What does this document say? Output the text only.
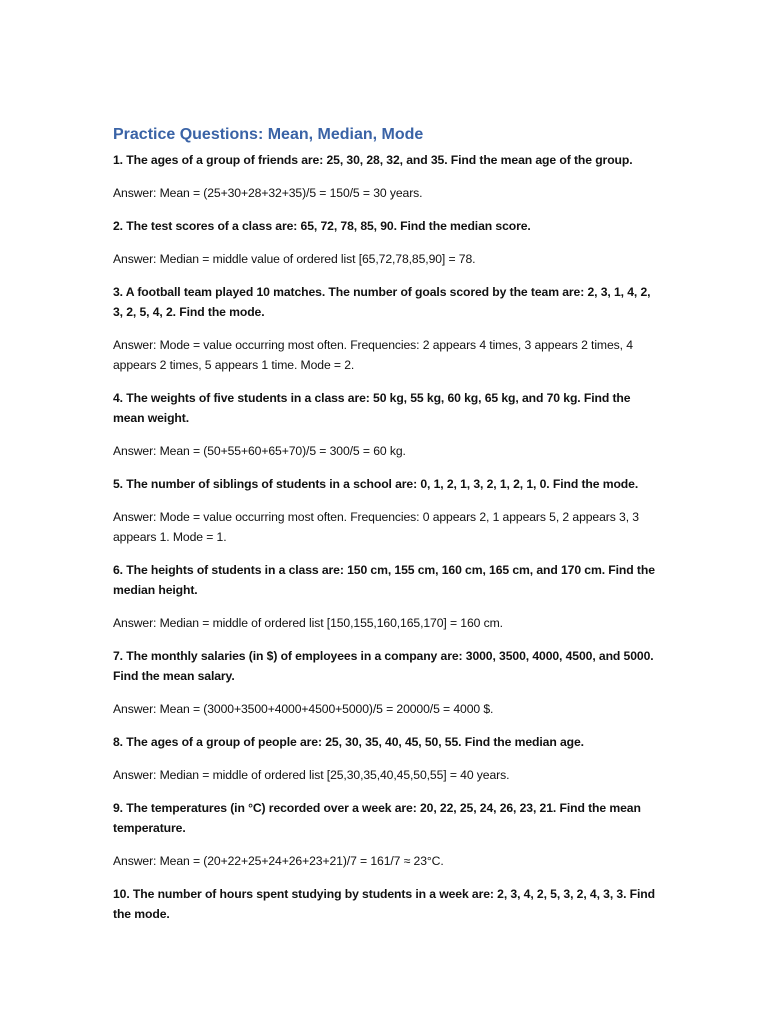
Practice Questions: Mean, Median, Mode

1. The ages of a group of friends are: 25, 30, 28, 32, and 35. Find the mean age of the group.

Answer: Mean = (25+30+28+32+35)/5 = 150/5 = 30 years.

2. The test scores of a class are: 65, 72, 78, 85, 90. Find the median score.

Answer: Median = middle value of ordered list [65,72,78,85,90] = 78.

3. A football team played 10 matches. The number of goals scored by the team are: 2, 3, 1, 4, 2, 3, 2, 5, 4, 2. Find the mode.

Answer: Mode = value occurring most often. Frequencies: 2 appears 4 times, 3 appears 2 times, 4 appears 2 times, 5 appears 1 time. Mode = 2.

4. The weights of five students in a class are: 50 kg, 55 kg, 60 kg, 65 kg, and 70 kg. Find the mean weight.

Answer: Mean = (50+55+60+65+70)/5 = 300/5 = 60 kg.

5. The number of siblings of students in a school are: 0, 1, 2, 1, 3, 2, 1, 2, 1, 0. Find the mode.

Answer: Mode = value occurring most often. Frequencies: 0 appears 2, 1 appears 5, 2 appears 3, 3 appears 1. Mode = 1.

6. The heights of students in a class are: 150 cm, 155 cm, 160 cm, 165 cm, and 170 cm. Find the median height.

Answer: Median = middle of ordered list [150,155,160,165,170] = 160 cm.

7. The monthly salaries (in $) of employees in a company are: 3000, 3500, 4000, 4500, and 5000. Find the mean salary.

Answer: Mean = (3000+3500+4000+4500+5000)/5 = 20000/5 = 4000 $.

8. The ages of a group of people are: 25, 30, 35, 40, 45, 50, 55. Find the median age.

Answer: Median = middle of ordered list [25,30,35,40,45,50,55] = 40 years.

9. The temperatures (in °C) recorded over a week are: 20, 22, 25, 24, 26, 23, 21. Find the mean temperature.

Answer: Mean = (20+22+25+24+26+23+21)/7 = 161/7 ≈ 23°C.

10. The number of hours spent studying by students in a week are: 2, 3, 4, 2, 5, 3, 2, 4, 3, 3. Find the mode.
